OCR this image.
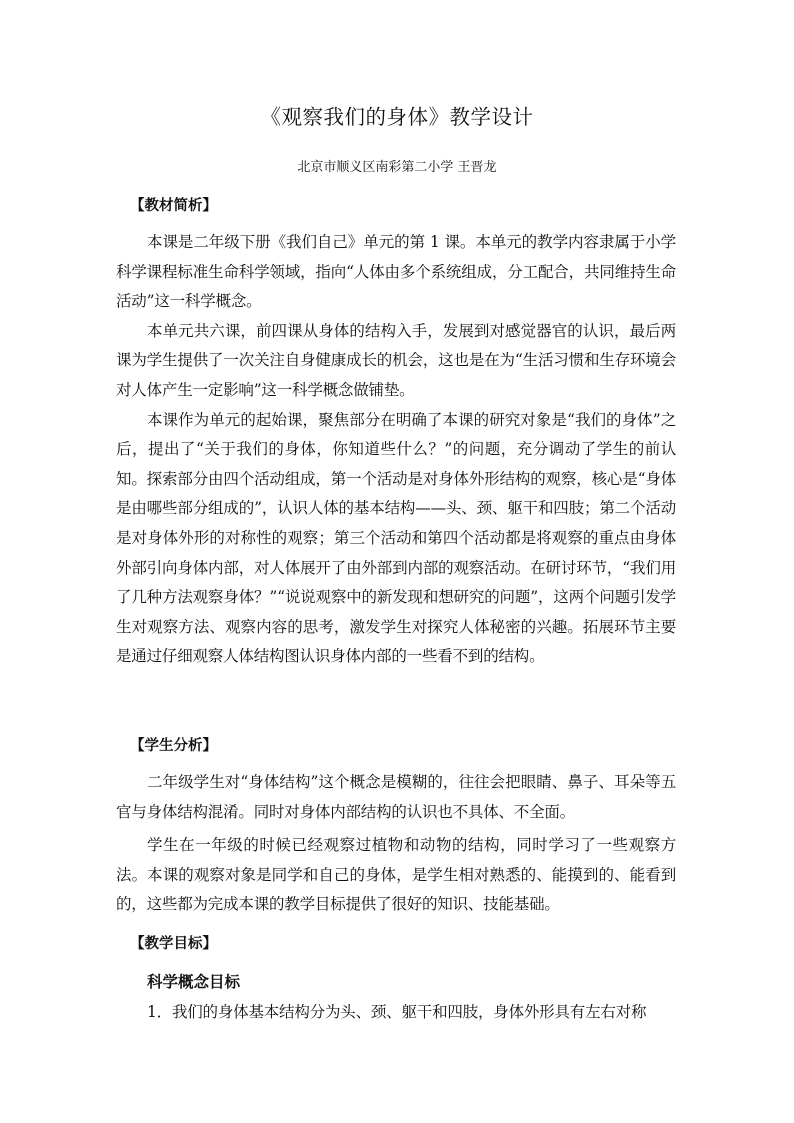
《观察我们的身体》教学设计
北京市顺义区南彩第二小学 王晋龙
【教材简析】

本课是二年级下册《我们自己》单元的第 1 课。本单元的教学内容隶属于小学科学课程标准生命科学领域，指向“人体由多个系统组成，分工配合，共同维持生命活动”这一科学概念。

本单元共六课，前四课从身体的结构入手，发展到对感觉器官的认识，最后两课为学生提供了一次关注自身健康成长的机会，这也是在为“生活习惯和生存环境会对人体产生一定影响”这一科学概念做铺垫。

本课作为单元的起始课，聚焦部分在明确了本课的研究对象是“我们的身体”之后，提出了“关于我们的身体，你知道些什么？”的问题，充分调动了学生的前认知。探索部分由四个活动组成，第一个活动是对身体外形结构的观察，核心是“身体是由哪些部分组成的”，认识人体的基本结构——头、颈、躯干和四肢；第二个活动是对身体外形的对称性的观察；第三个活动和第四个活动都是将观察的重点由身体外部引向身体内部，对人体展开了由外部到内部的观察活动。在研讨环节，“我们用了几种方法观察身体？”“说说观察中的新发现和想研究的问题”，这两个问题引发学生对观察方法、观察内容的思考，激发学生对探究人体秘密的兴趣。拓展环节主要是通过仔细观察人体结构图认识身体内部的一些看不到的结构。

【学生分析】

二年级学生对“身体结构”这个概念是模糊的，往往会把眼睛、鼻子、耳朵等五官与身体结构混淆。同时对身体内部结构的认识也不具体、不全面。

学生在一年级的时候已经观察过植物和动物的结构，同时学习了一些观察方法。本课的观察对象是同学和自己的身体，是学生相对熟悉的、能摸到的、能看到的，这些都为完成本课的教学目标提供了很好的知识、技能基础。

【教学目标】
科学概念目标

1．我们的身体基本结构分为头、颈、躯干和四肢，身体外形具有左右对称
